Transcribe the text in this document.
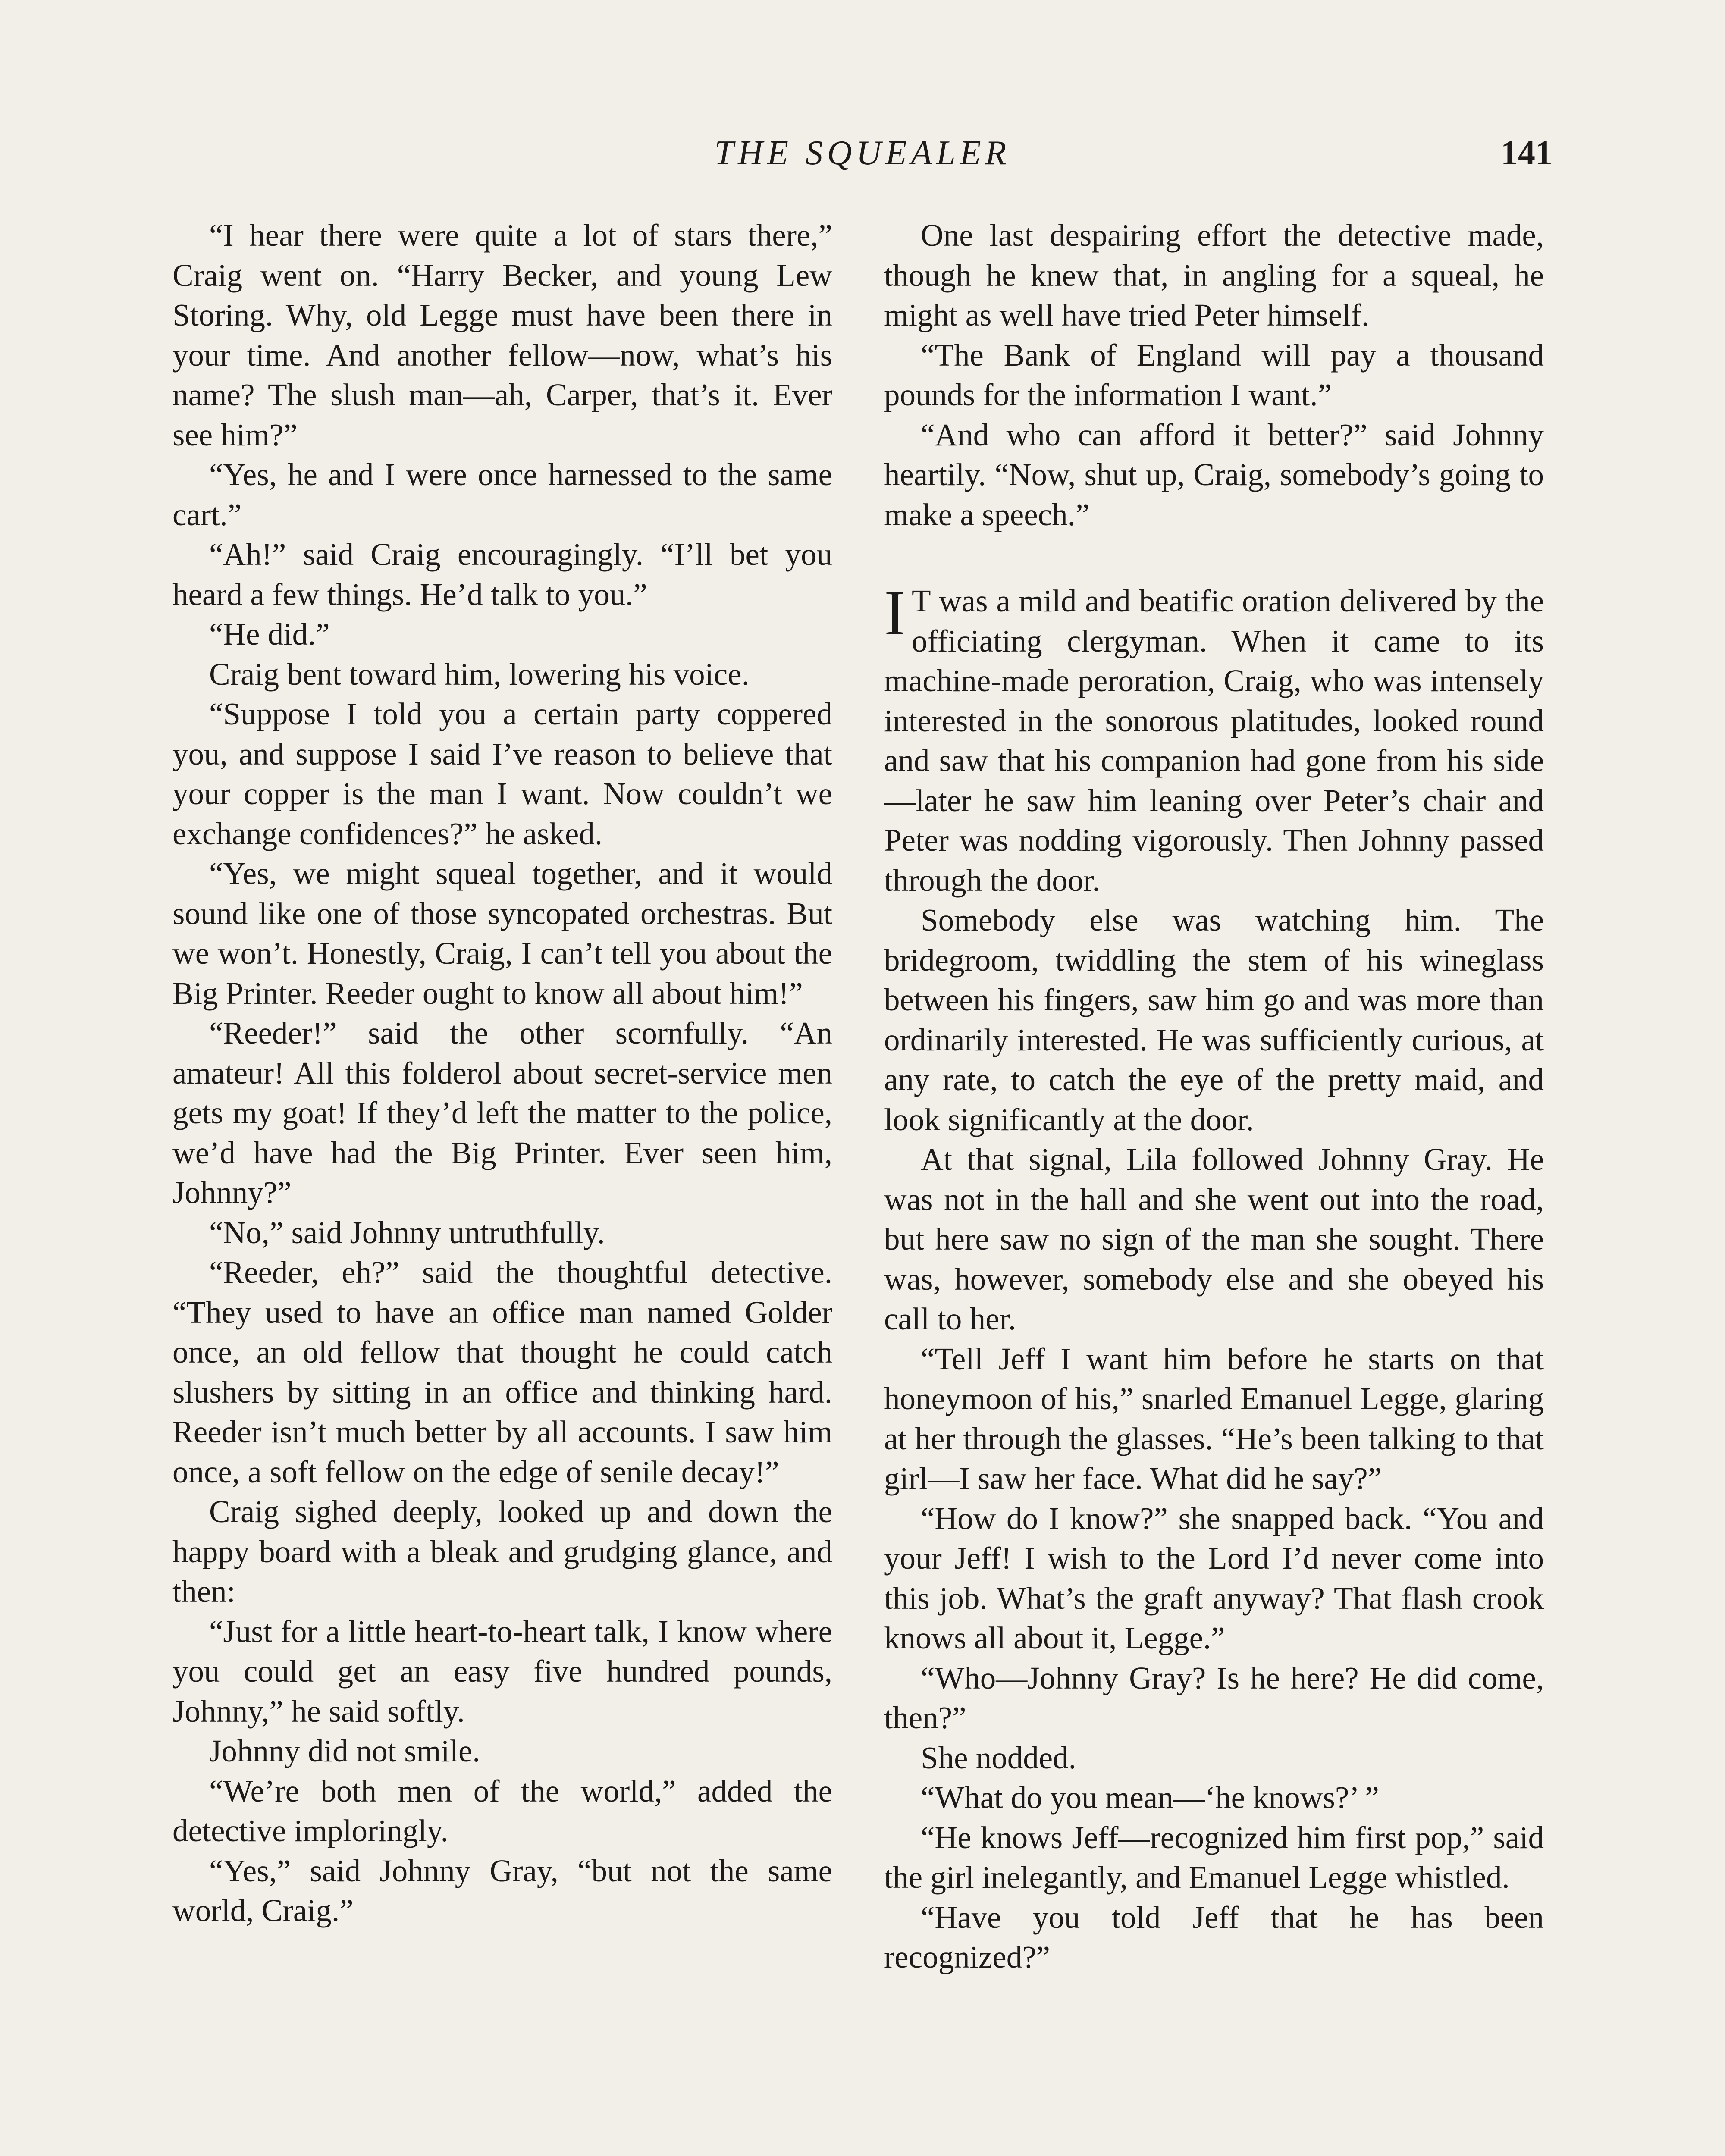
THE SQUEALER	141

“I hear there were quite a lot of stars there,” Craig went on. “Harry Becker, and young Lew Storing. Why, old Legge must have been there in your time. And another fellow—now, what’s his name? The slush man—ah, Carper, that’s it. Ever see him?”

“Yes, he and I were once harnessed to the same cart.”

“Ah!” said Craig encouragingly. “I’ll bet you heard a few things. He’d talk to you.”

“He did.”

Craig bent toward him, lowering his voice.

“Suppose I told you a certain party coppered you, and suppose I said I’ve reason to believe that your copper is the man I want. Now couldn’t we exchange confidences?” he asked.

“Yes, we might squeal together, and it would sound like one of those syncopated orchestras. But we won’t. Honestly, Craig, I can’t tell you about the Big Printer. Reeder ought to know all about him!”

“Reeder!” said the other scornfully. “An amateur! All this folderol about secret-service men gets my goat! If they’d left the matter to the police, we’d have had the Big Printer. Ever seen him, Johnny?”

“No,” said Johnny untruthfully.

“Reeder, eh?” said the thoughtful detective. “They used to have an office man named Golder once, an old fellow that thought he could catch slushers by sitting in an office and thinking hard. Reeder isn’t much better by all accounts. I saw him once, a soft fellow on the edge of senile decay!”

Craig sighed deeply, looked up and down the happy board with a bleak and grudging glance, and then:

“Just for a little heart-to-heart talk, I know where you could get an easy five hundred pounds, Johnny,” he said softly.

Johnny did not smile.

“We’re both men of the world,” added the detective imploringly.

“Yes,” said Johnny Gray, “but not the same world, Craig.”

One last despairing effort the detective made, though he knew that, in angling for a squeal, he might as well have tried Peter himself.

“The Bank of England will pay a thousand pounds for the information I want.”

“And who can afford it better?” said Johnny heartily. “Now, shut up, Craig, somebody’s going to make a speech.”

I T was a mild and beatific oration delivered by the officiating clergyman. When it came to its machine-made peroration, Craig, who was intensely interested in the sonorous platitudes, looked round and saw that his companion had gone from his side—later he saw him leaning over Peter’s chair and Peter was nodding vigorously. Then Johnny passed through the door.

Somebody else was watching him. The bridegroom, twiddling the stem of his wineglass between his fingers, saw him go and was more than ordinarily interested. He was sufficiently curious, at any rate, to catch the eye of the pretty maid, and look significantly at the door.

At that signal, Lila followed Johnny Gray. He was not in the hall and she went out into the road, but here saw no sign of the man she sought. There was, however, somebody else and she obeyed his call to her.

“Tell Jeff I want him before he starts on that honeymoon of his,” snarled Emanuel Legge, glaring at her through the glasses. “He’s been talking to that girl—I saw her face. What did he say?”

“How do I know?” she snapped back. “You and your Jeff! I wish to the Lord I’d never come into this job. What’s the graft anyway? That flash crook knows all about it, Legge.”

“Who—Johnny Gray? Is he here? He did come, then?”

She nodded.

“What do you mean—‘he knows?’ ”

“He knows Jeff—recognized him first pop,” said the girl inelegantly, and Emanuel Legge whistled.

“Have you told Jeff that he has been recognized?”
